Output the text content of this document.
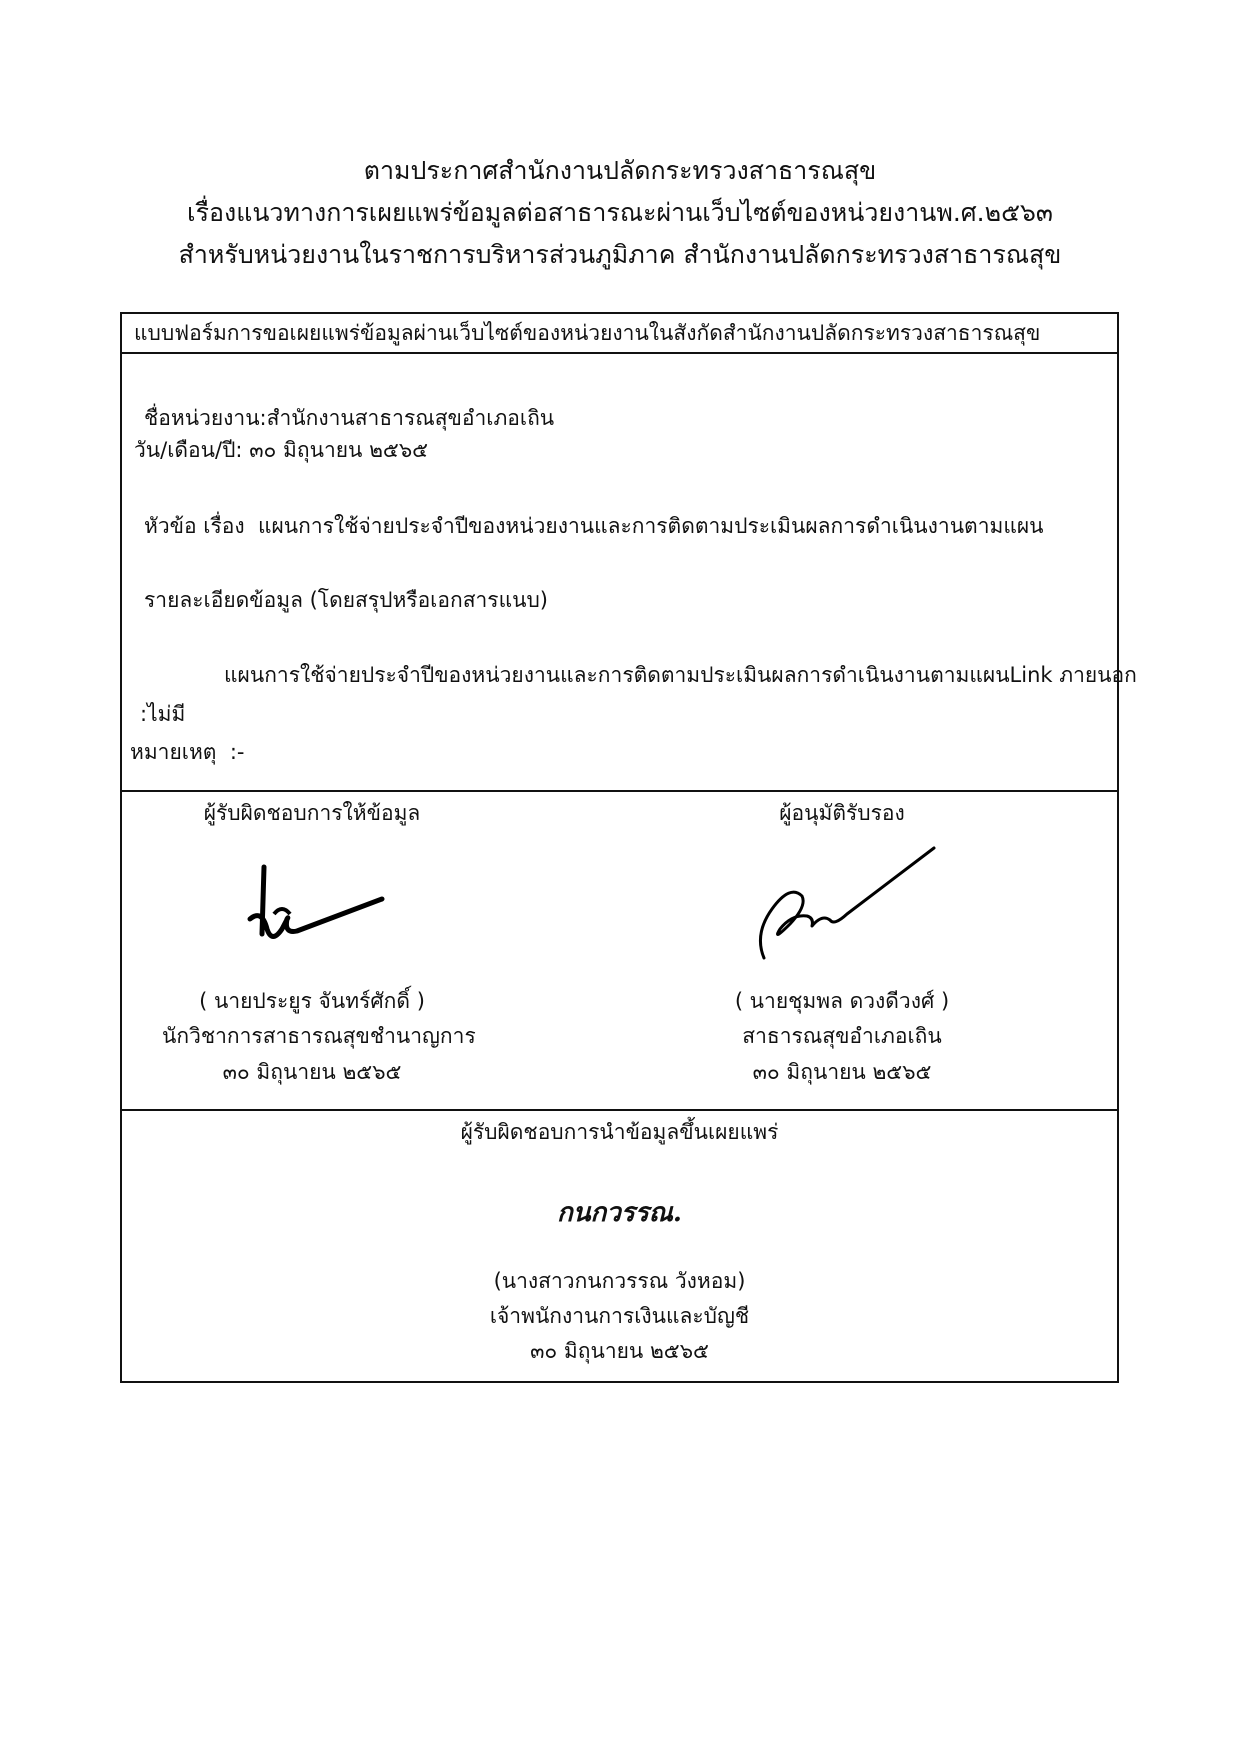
ตามประกาศสำนักงานปลัดกระทรวงสาธารณสุข
เรื่องแนวทางการเผยแพร่ข้อมูลต่อสาธารณะผ่านเว็บไซต์ของหน่วยงานพ.ศ.๒๕๖๓
สำหรับหน่วยงานในราชการบริหารส่วนภูมิภาค สำนักงานปลัดกระทรวงสาธารณสุข
แบบฟอร์มการขอเผยแพร่ข้อมูลผ่านเว็บไซต์ของหน่วยงานในสังกัดสำนักงานปลัดกระทรวงสาธารณสุข
ชื่อหน่วยงาน:สำนักงานสาธารณสุขอำเภอเถิน
วัน/เดือน/ปี: ๓๐ มิถุนายน ๒๕๖๕
หัวข้อ เรื่อง แผนการใช้จ่ายประจำปีของหน่วยงานและการติดตามประเมินผลการดำเนินงานตามแผน
รายละเอียดข้อมูล (โดยสรุปหรือเอกสารแนบ)
แผนการใช้จ่ายประจำปีของหน่วยงานและการติดตามประเมินผลการดำเนินงานตามแผนLink ภายนอก
:ไม่มี
หมายเหตุ :-
ผู้รับผิดชอบการให้ข้อมูล
( นายประยูร จันทร์ศักดิ์ )
นักวิชาการสาธารณสุขชำนาญการ
๓๐ มิถุนายน ๒๕๖๕
ผู้อนุมัติรับรอง
( นายชุมพล ดวงดีวงศ์ )
สาธารณสุขอำเภอเถิน
๓๐ มิถุนายน ๒๕๖๕
ผู้รับผิดชอบการนำข้อมูลขึ้นเผยแพร่
กนกวรรณ.
(นางสาวกนกวรรณ วังหอม)
เจ้าพนักงานการเงินและบัญชี
๓๐ มิถุนายน ๒๕๖๕
